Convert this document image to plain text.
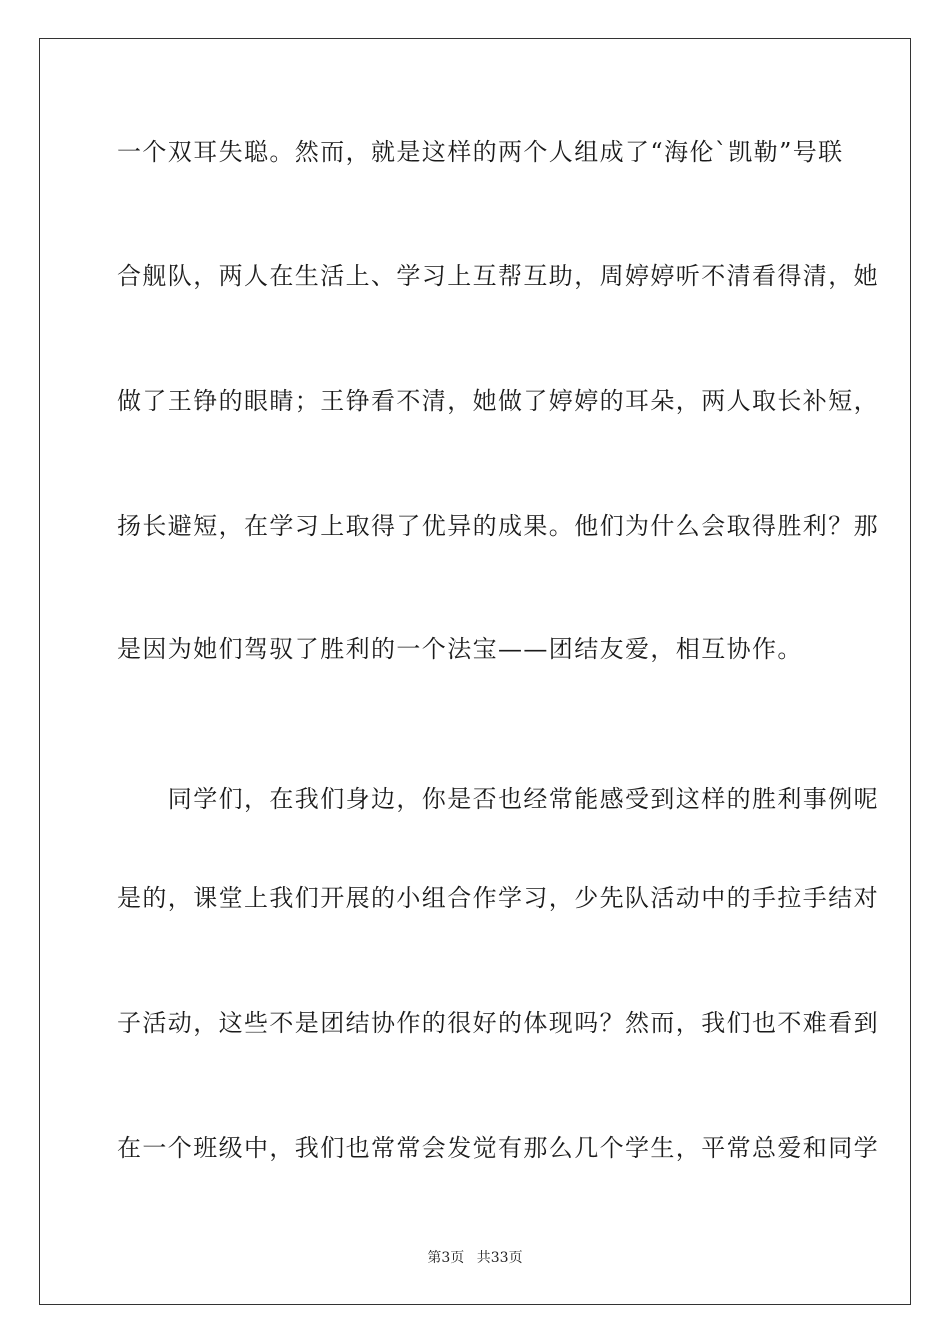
一个双耳失聪。然而，就是这样的两个人组成了“海伦`凯勒”号联
合舰队，两人在生活上、学习上互帮互助，周婷婷听不清看得清，她
做了王铮的眼睛；王铮看不清，她做了婷婷的耳朵，两人取长补短，
扬长避短，在学习上取得了优异的成果。他们为什么会取得胜利？那
是因为她们驾驭了胜利的一个法宝——团结友爱，相互协作。
　　同学们，在我们身边，你是否也经常能感受到这样的胜利事例呢
是的，课堂上我们开展的小组合作学习，少先队活动中的手拉手结对
子活动，这些不是团结协作的很好的体现吗？然而，我们也不难看到
在一个班级中，我们也常常会发觉有那么几个学生，平常总爱和同学
第3页 共33页
